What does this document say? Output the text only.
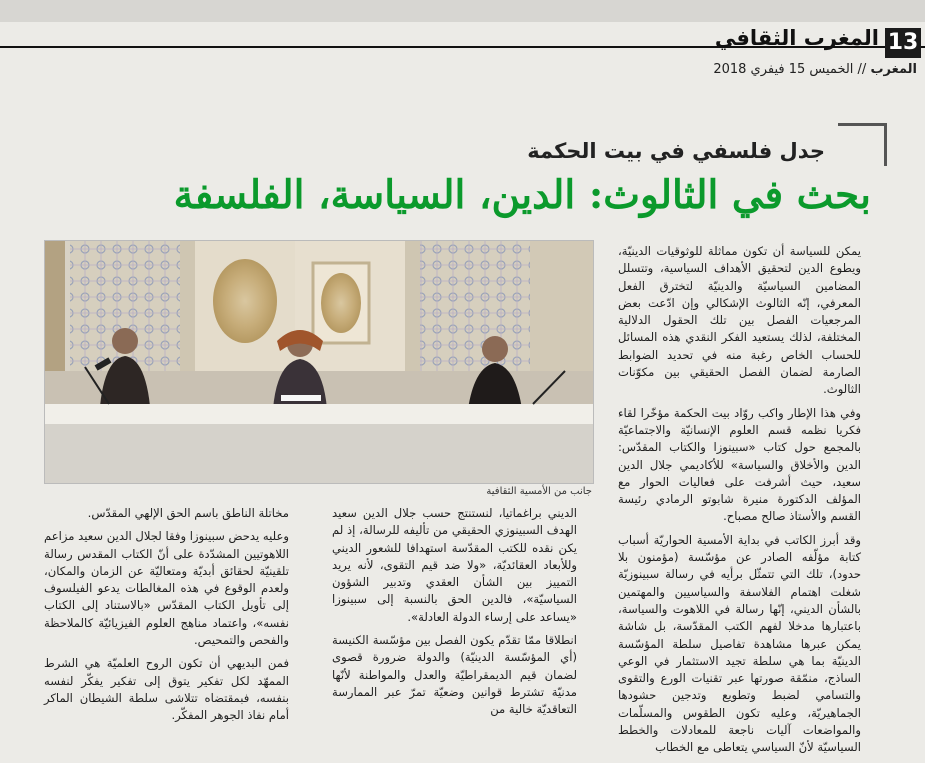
13
المغرب الثقافي
المغرب // الخميس 15 فيفري 2018
جدل فلسفي في بيت الحكمة
بحث في الثالوث: الدين، السياسة، الفلسفة
جانب من الأمسية الثقافية

يمكن للسياسة أن تكون مماثلة للوثوقيات الدينيّة، ويطوع الدين لتحقيق الأهداف السياسية، وتتسلل المضامين السياسيّة والدينيّة لتخترق الفعل المعرفي، إنّه الثالوث الإشكالي وإن ادّعت بعض المرجعيات الفصل بين تلك الحقول الدلالية المختلفة، لذلك يستعيد الفكر النقدي هذه المسائل للحساب الخاص رغبة منه في تحديد الضوابط الصارمة لضمان الفصل الحقيقي بين مكوّنات الثالوث.

وفي هذا الإطار واكب روّاد بيت الحكمة مؤخّرا لقاء فكريا نظمه قسم العلوم الإنسانيّة والاجتماعيّة بالمجمع حول كتاب «سبينوزا والكتاب المقدّس: الدين والأخلاق والسياسة» للأكاديمي جلال الدين سعيد، حيث أشرفت على فعاليات الحوار مع المؤلف الدكتورة منيرة شابوتو الرمادي رئيسة القسم والأستاذ صالح مصباح.

وقد أبرز الكاتب في بداية الأمسية الحواريّة أسباب كتابة مؤلّفه الصادر عن مؤسّسة (مؤمنون بلا حدود)، تلك التي تتمثّل برأيه في رسالة سبينوزيّة شغلت اهتمام الفلاسفة والسياسيين والمهتمين بالشأن الديني، إنّها رسالة في اللاهوت والسياسة، باعتبارها مدخلا لفهم الكتب المقدّسة، بل شاشة يمكن عبرها مشاهدة تفاصيل سلطة المؤسّسة الدينيّة بما هي سلطة تجيد الاستثمار في الوعي الساذج، منمّقة صورتها عبر تقنيات الورع والتقوى والتسامي لضبط وتطويع وتدجين حشودها الجماهيريّة، وعليه تكون الطقوس والمسلّمات والمواضعات آليات ناجعة للمعادلات والخطط السياسيّة لأنّ السياسي يتعاطى مع الخطاب

الديني براغماتيا، لنستنتج حسب جلال الدين سعيد الهدف السبينوزي الحقيقي من تأليفه للرسالة، إذ لم يكن نقده للكتب المقدّسة استهدافا للشعور الديني وللأبعاد العقائديّة، «ولا ضد قيم التقوى، لأنه يريد التمييز بين الشأن العقدي وتدبير الشؤون السياسيّة»، فالدين الحق بالنسبة إلى سبينوزا «يساعد على إرساء الدولة العادلة».

انطلاقا ممّا تقدّم يكون الفصل بين مؤسّسة الكنيسة (أي المؤسّسة الدينيّة) والدولة ضرورة قصوى لضمان قيم الديمقراطيّة والعدل والمواطنة لأنّها مدنيّة تشترط قوانين وضعيّة تمرّ عبر الممارسة التعاقديّة خالية من

مخاتلة الناطق باسم الحق الإلهي المقدّس.

وعليه يدحض سبينوزا وفقا لجلال الدين سعيد مزاعم اللاهوتيين المشدّدة على أنّ الكتاب المقدس رسالة تلقينيّة لحقائق أبديّة ومتعاليّة عن الزمان والمكان، ولعدم الوقوع في هذه المغالطات يدعو الفيلسوف إلى تأويل الكتاب المقدّس «بالاستناد إلى الكتاب نفسه»، واعتماد مناهج العلوم الفيزيائيّة كالملاحظة والفحص والتمحيص.

فمن البديهي أن تكون الروح العلميّة هي الشرط الممهّد لكل تفكير يتوق إلى تفكير يفكّر لنفسه بنفسه، فبمقتضاه تتلاشى سلطة الشيطان الماكر أمام نفاذ الجوهر المفكّر.
